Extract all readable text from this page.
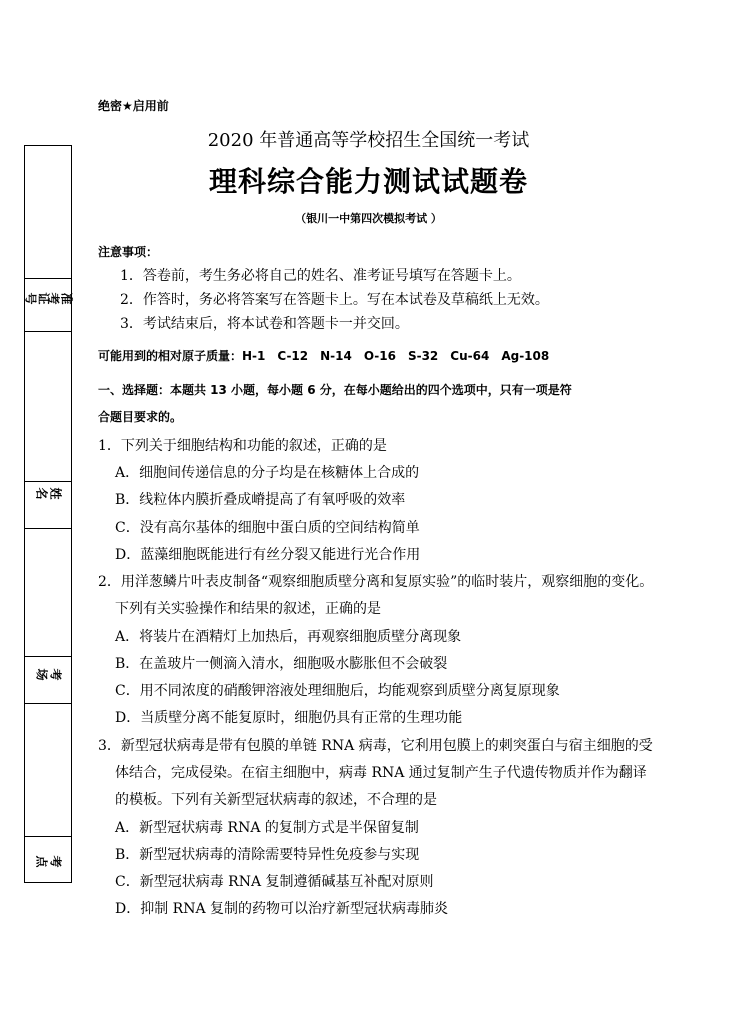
准考
证号
姓
名
考
场
考
点
绝密★启用前
2020 年普通高等学校招生全国统一考试
理科综合能力测试试题卷
（银川一中第四次模拟考试 ）
注意事项：
1．答卷前，考生务必将自己的姓名、准考证号填写在答题卡上。
2．作答时，务必将答案写在答题卡上。写在本试卷及草稿纸上无效。
3．考试结束后，将本试卷和答题卡一并交回。
可能用到的相对原子质量：H-1　C-12　N-14　O-16　S-32　Cu-64　Ag-108
一、选择题：本题共 13 小题，每小题 6 分，在每小题给出的四个选项中，只有一项是符
合题目要求的。
1．下列关于细胞结构和功能的叙述，正确的是
A．细胞间传递信息的分子均是在核糖体上合成的
B．线粒体内膜折叠成嵴提高了有氧呼吸的效率
C．没有高尔基体的细胞中蛋白质的空间结构简单
D．蓝藻细胞既能进行有丝分裂又能进行光合作用
2．用洋葱鳞片叶表皮制备“观察细胞质壁分离和复原实验”的临时装片，观察细胞的变化。
下列有关实验操作和结果的叙述，正确的是
A．将装片在酒精灯上加热后，再观察细胞质壁分离现象
B．在盖玻片一侧滴入清水，细胞吸水膨胀但不会破裂
C．用不同浓度的硝酸钾溶液处理细胞后，均能观察到质壁分离复原现象
D．当质壁分离不能复原时，细胞仍具有正常的生理功能
3．新型冠状病毒是带有包膜的单链 RNA 病毒，它利用包膜上的刺突蛋白与宿主细胞的受
体结合，完成侵染。在宿主细胞中，病毒 RNA 通过复制产生子代遗传物质并作为翻译
的模板。下列有关新型冠状病毒的叙述，不合理的是
A．新型冠状病毒 RNA 的复制方式是半保留复制
B．新型冠状病毒的清除需要特异性免疫参与实现
C．新型冠状病毒 RNA 复制遵循碱基互补配对原则
D．抑制 RNA 复制的药物可以治疗新型冠状病毒肺炎
